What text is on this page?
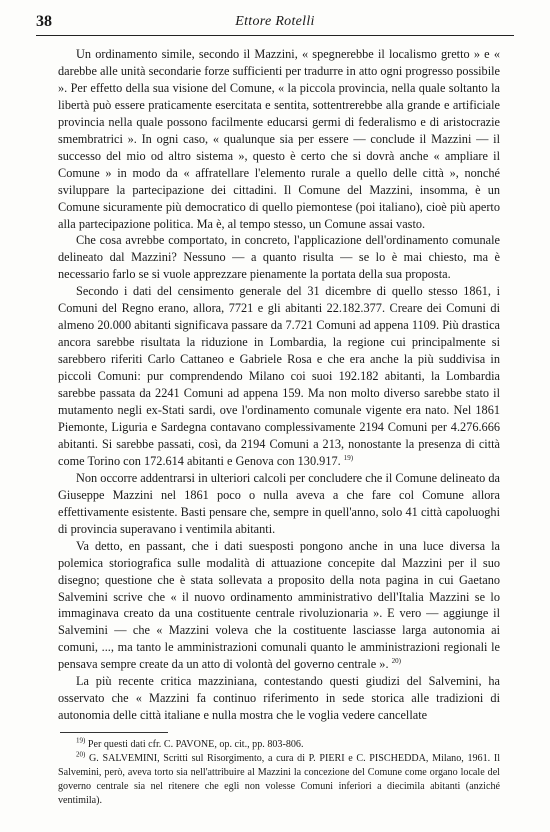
38	Ettore Rotelli

Un ordinamento simile, secondo il Mazzini, « spegnerebbe il localismo gretto » e « darebbe alle unità secondarie forze sufficienti per tradurre in atto ogni progresso possibile ». Per effetto della sua visione del Comune, « la piccola provincia, nella quale soltanto la libertà può essere praticamente esercitata e sentita, sottentrerebbe alla grande e artificiale provincia nella quale possono facilmente educarsi germi di federalismo e di aristocrazie smembratrici ». In ogni caso, « qualunque sia per essere — conclude il Mazzini — il successo del mio od altro sistema », questo è certo che si dovrà anche « ampliare il Comune » in modo da « affratellare l'elemento rurale a quello delle città », nonché sviluppare la partecipazione dei cittadini. Il Comune del Mazzini, insomma, è un Comune sicuramente più democratico di quello piemontese (poi italiano), cioè più aperto alla partecipazione politica. Ma è, al tempo stesso, un Comune assai vasto.

Che cosa avrebbe comportato, in concreto, l'applicazione dell'ordinamento comunale delineato dal Mazzini? Nessuno — a quanto risulta — se lo è mai chiesto, ma è necessario farlo se si vuole apprezzare pienamente la portata della sua proposta.

Secondo i dati del censimento generale del 31 dicembre di quello stesso 1861, i Comuni del Regno erano, allora, 7721 e gli abitanti 22.182.377. Creare dei Comuni di almeno 20.000 abitanti significava passare da 7.721 Comuni ad appena 1109. Più drastica ancora sarebbe risultata la riduzione in Lombardia, la regione cui principalmente si sarebbero riferiti Carlo Cattaneo e Gabriele Rosa e che era anche la più suddivisa in piccoli Comuni: pur comprendendo Milano coi suoi 192.182 abitanti, la Lombardia sarebbe passata da 2241 Comuni ad appena 159. Ma non molto diverso sarebbe stato il mutamento negli ex-Stati sardi, ove l'ordinamento comunale vigente era nato. Nel 1861 Piemonte, Liguria e Sardegna contavano complessivamente 2194 Comuni per 4.276.666 abitanti. Si sarebbe passati, così, da 2194 Comuni a 213, nonostante la presenza di città come Torino con 172.614 abitanti e Genova con 130.917. $^{19)}$

Non occorre addentrarsi in ulteriori calcoli per concludere che il Comune delineato da Giuseppe Mazzini nel 1861 poco o nulla aveva a che fare col Comune allora effettivamente esistente. Basti pensare che, sempre in quell'anno, solo 41 città capoluoghi di provincia superavano i ventimila abitanti.

Va detto, en passant, che i dati suesposti pongono anche in una luce diversa la polemica storiografica sulle modalità di attuazione concepite dal Mazzini per il suo disegno; questione che è stata sollevata a proposito della nota pagina in cui Gaetano Salvemini scrive che « il nuovo ordinamento amministrativo dell'Italia Mazzini se lo immaginava creato da una costituente centrale rivoluzionaria ». E vero — aggiunge il Salvemini — che « Mazzini voleva che la costituente lasciasse larga autonomia ai comuni, ..., ma tanto le amministrazioni comunali quanto le amministrazioni regionali le pensava sempre create da un atto di volontà del governo centrale ». $^{20)}$

La più recente critica mazziniana, contestando questi giudizi del Salvemini, ha osservato che « Mazzini fa continuo riferimento in sede storica alle tradizioni di autonomia delle città italiane e nulla mostra che le voglia vedere cancellate

$^{19)}$ Per questi dati cfr. C. PAVONE, op. cit., pp. 803-806.

$^{20)}$ G. SALVEMINI, Scritti sul Risorgimento, a cura di P. PIERI e C. PISCHEDDA, Milano, 1961. Il Salvemini, però, aveva torto sia nell'attribuire al Mazzini la concezione del Comune come organo locale del governo centrale sia nel ritenere che egli non volesse Comuni inferiori a diecimila abitanti (anziché ventimila).
